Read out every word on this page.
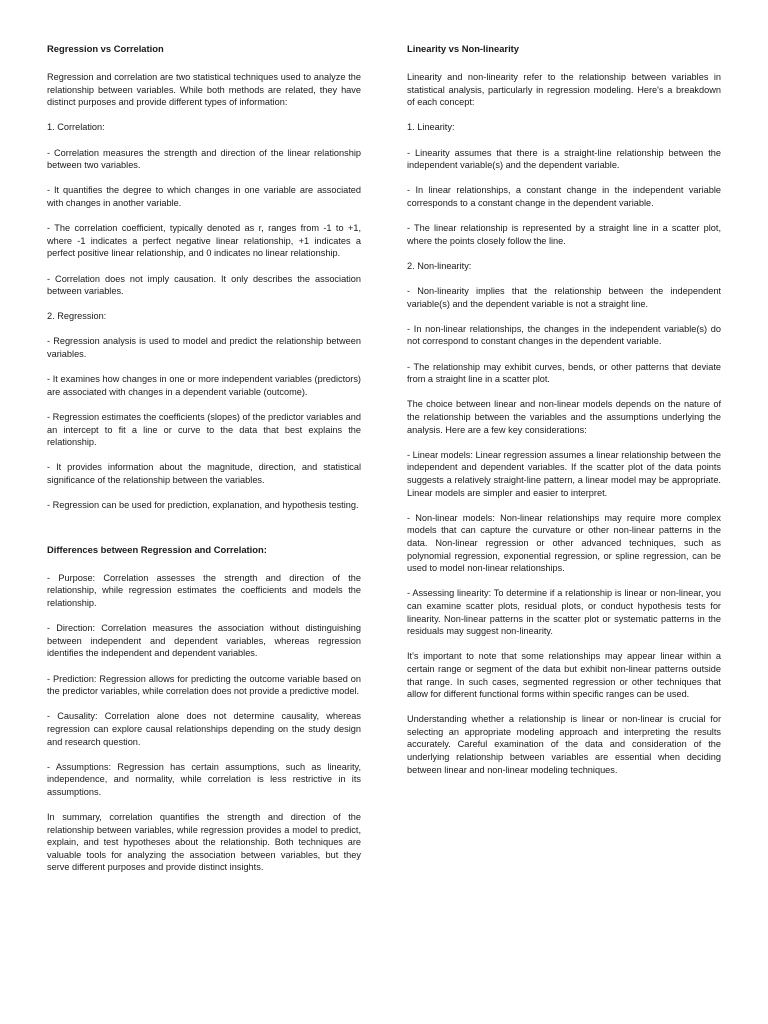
Regression vs Correlation

Regression and correlation are two statistical techniques used to analyze the relationship between variables. While both methods are related, they have distinct purposes and provide different types of information:

1. Correlation:

- Correlation measures the strength and direction of the linear relationship between two variables.

- It quantifies the degree to which changes in one variable are associated with changes in another variable.

- The correlation coefficient, typically denoted as r, ranges from -1 to +1, where -1 indicates a perfect negative linear relationship, +1 indicates a perfect positive linear relationship, and 0 indicates no linear relationship.

- Correlation does not imply causation. It only describes the association between variables.

2. Regression:

- Regression analysis is used to model and predict the relationship between variables.

- It examines how changes in one or more independent variables (predictors) are associated with changes in a dependent variable (outcome).

- Regression estimates the coefficients (slopes) of the predictor variables and an intercept to fit a line or curve to the data that best explains the relationship.

- It provides information about the magnitude, direction, and statistical significance of the relationship between the variables.

- Regression can be used for prediction, explanation, and hypothesis testing.

Differences between Regression and Correlation:

- Purpose: Correlation assesses the strength and direction of the relationship, while regression estimates the coefficients and models the relationship.

- Direction: Correlation measures the association without distinguishing between independent and dependent variables, whereas regression identifies the independent and dependent variables.

- Prediction: Regression allows for predicting the outcome variable based on the predictor variables, while correlation does not provide a predictive model.

- Causality: Correlation alone does not determine causality, whereas regression can explore causal relationships depending on the study design and research question.

- Assumptions: Regression has certain assumptions, such as linearity, independence, and normality, while correlation is less restrictive in its assumptions.

In summary, correlation quantifies the strength and direction of the relationship between variables, while regression provides a model to predict, explain, and test hypotheses about the relationship. Both techniques are valuable tools for analyzing the association between variables, but they serve different purposes and provide distinct insights.

Linearity vs Non-linearity

Linearity and non-linearity refer to the relationship between variables in statistical analysis, particularly in regression modeling. Here's a breakdown of each concept:

1. Linearity:

- Linearity assumes that there is a straight-line relationship between the independent variable(s) and the dependent variable.

- In linear relationships, a constant change in the independent variable corresponds to a constant change in the dependent variable.

- The linear relationship is represented by a straight line in a scatter plot, where the points closely follow the line.

2. Non-linearity:

- Non-linearity implies that the relationship between the independent variable(s) and the dependent variable is not a straight line.

- In non-linear relationships, the changes in the independent variable(s) do not correspond to constant changes in the dependent variable.

- The relationship may exhibit curves, bends, or other patterns that deviate from a straight line in a scatter plot.

The choice between linear and non-linear models depends on the nature of the relationship between the variables and the assumptions underlying the analysis. Here are a few key considerations:

- Linear models: Linear regression assumes a linear relationship between the independent and dependent variables. If the scatter plot of the data points suggests a relatively straight-line pattern, a linear model may be appropriate. Linear models are simpler and easier to interpret.

- Non-linear models: Non-linear relationships may require more complex models that can capture the curvature or other non-linear patterns in the data. Non-linear regression or other advanced techniques, such as polynomial regression, exponential regression, or spline regression, can be used to model non-linear relationships.

- Assessing linearity: To determine if a relationship is linear or non-linear, you can examine scatter plots, residual plots, or conduct hypothesis tests for linearity. Non-linear patterns in the scatter plot or systematic patterns in the residuals may suggest non-linearity.

It's important to note that some relationships may appear linear within a certain range or segment of the data but exhibit non-linear patterns outside that range. In such cases, segmented regression or other techniques that allow for different functional forms within specific ranges can be used.

Understanding whether a relationship is linear or non-linear is crucial for selecting an appropriate modeling approach and interpreting the results accurately. Careful examination of the data and consideration of the underlying relationship between variables are essential when deciding between linear and non-linear modeling techniques.
